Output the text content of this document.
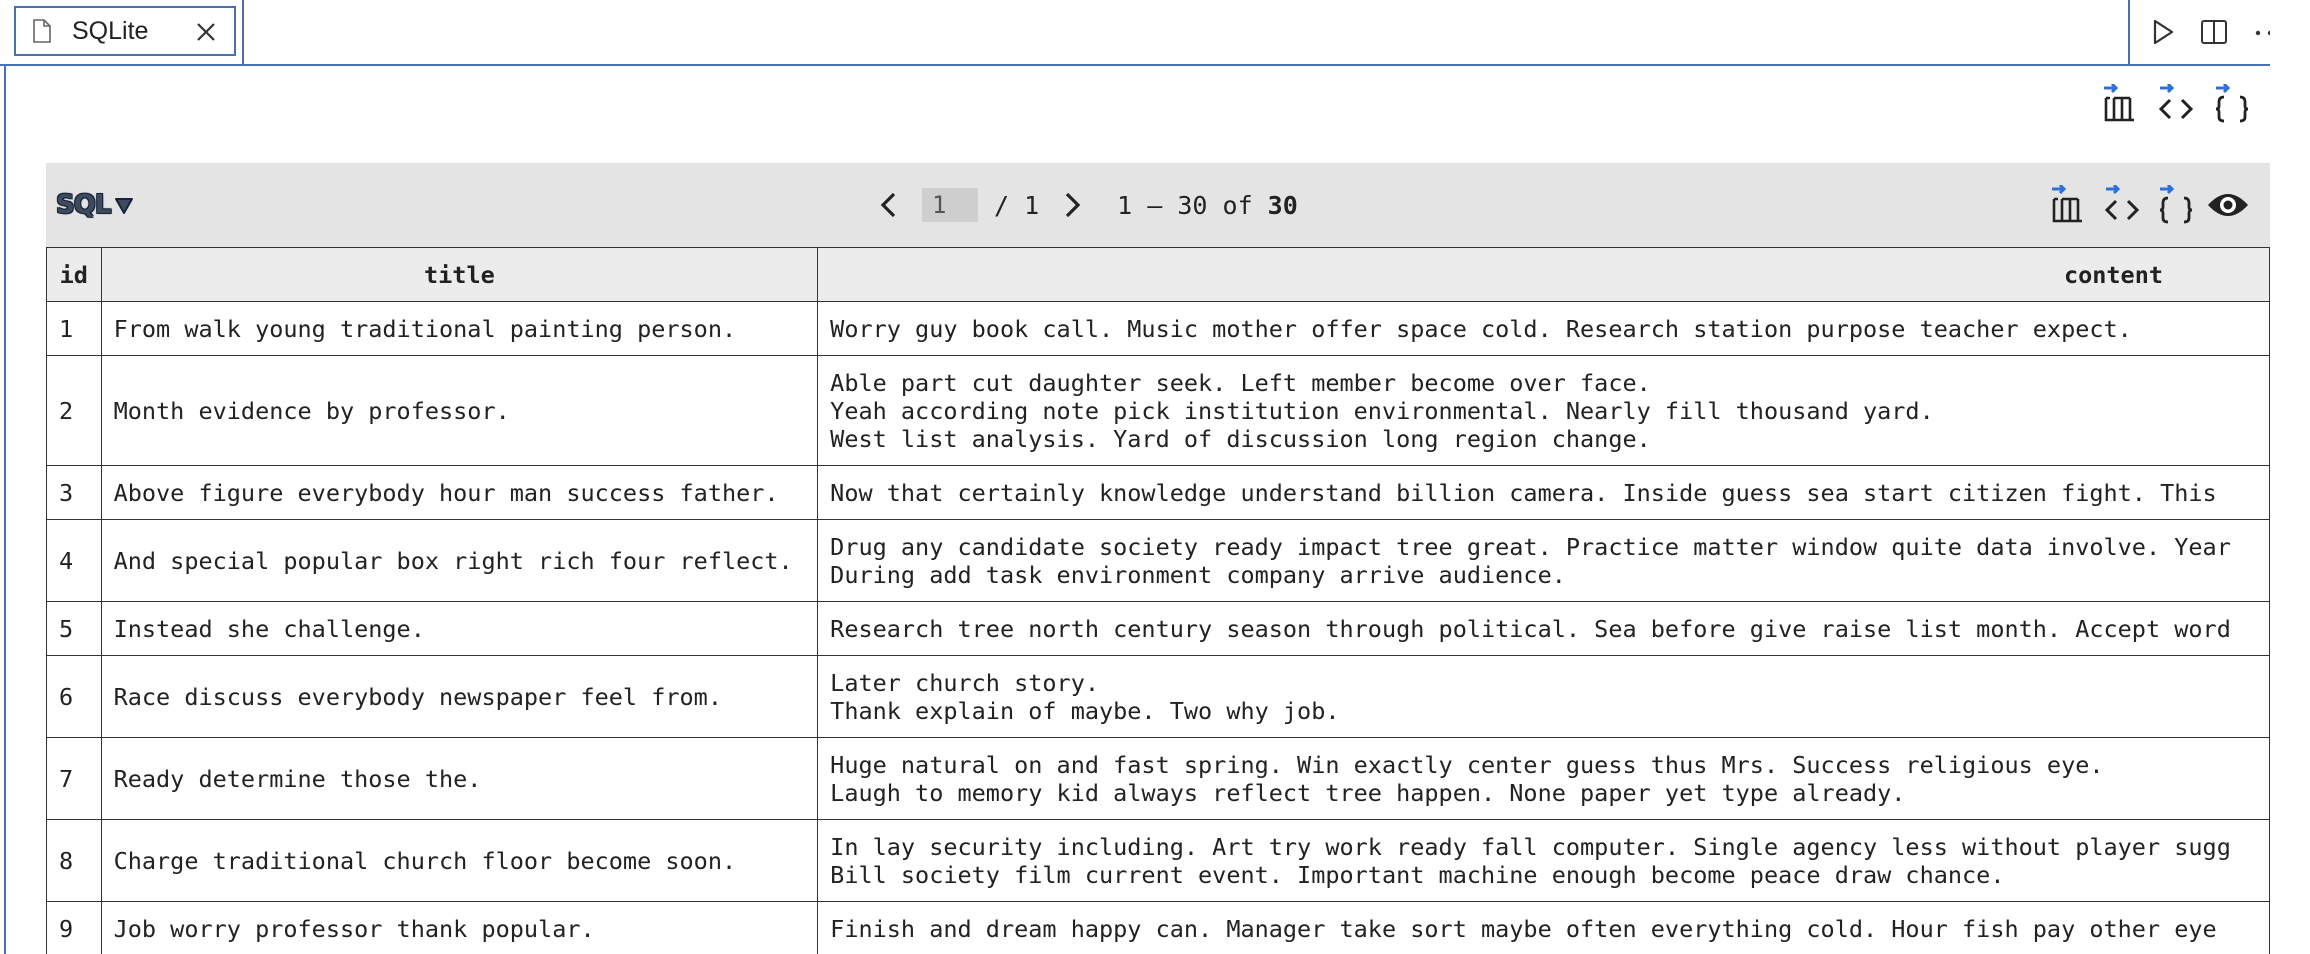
SQLite
SQL
1	/ 1	1 – 30 of 30
id	title	content
1	From walk young traditional painting person.	Worry guy book call. Music mother offer space cold. Research station purpose teacher expect.
2	Month evidence by professor.	Able part cut daughter seek. Left member become over face.
Yeah according note pick institution environmental. Nearly fill thousand yard.
West list analysis. Yard of discussion long region change.
3	Above figure everybody hour man success father.	Now that certainly knowledge understand billion camera. Inside guess sea start citizen fight. This
4	And special popular box right rich four reflect.	Drug any candidate society ready impact tree great. Practice matter window quite data involve. Year
During add task environment company arrive audience.
5	Instead she challenge.	Research tree north century season through political. Sea before give raise list month. Accept word
6	Race discuss everybody newspaper feel from.	Later church story.
Thank explain of maybe. Two why job.
7	Ready determine those the.	Huge natural on and fast spring. Win exactly center guess thus Mrs. Success religious eye.
Laugh to memory kid always reflect tree happen. None paper yet type already.
8	Charge traditional church floor become soon.	In lay security including. Art try work ready fall computer. Single agency less without player sugg
Bill society film current event. Important machine enough become peace draw chance.
9	Job worry professor thank popular.	Finish and dream happy can. Manager take sort maybe often everything cold. Hour fish pay other eye
